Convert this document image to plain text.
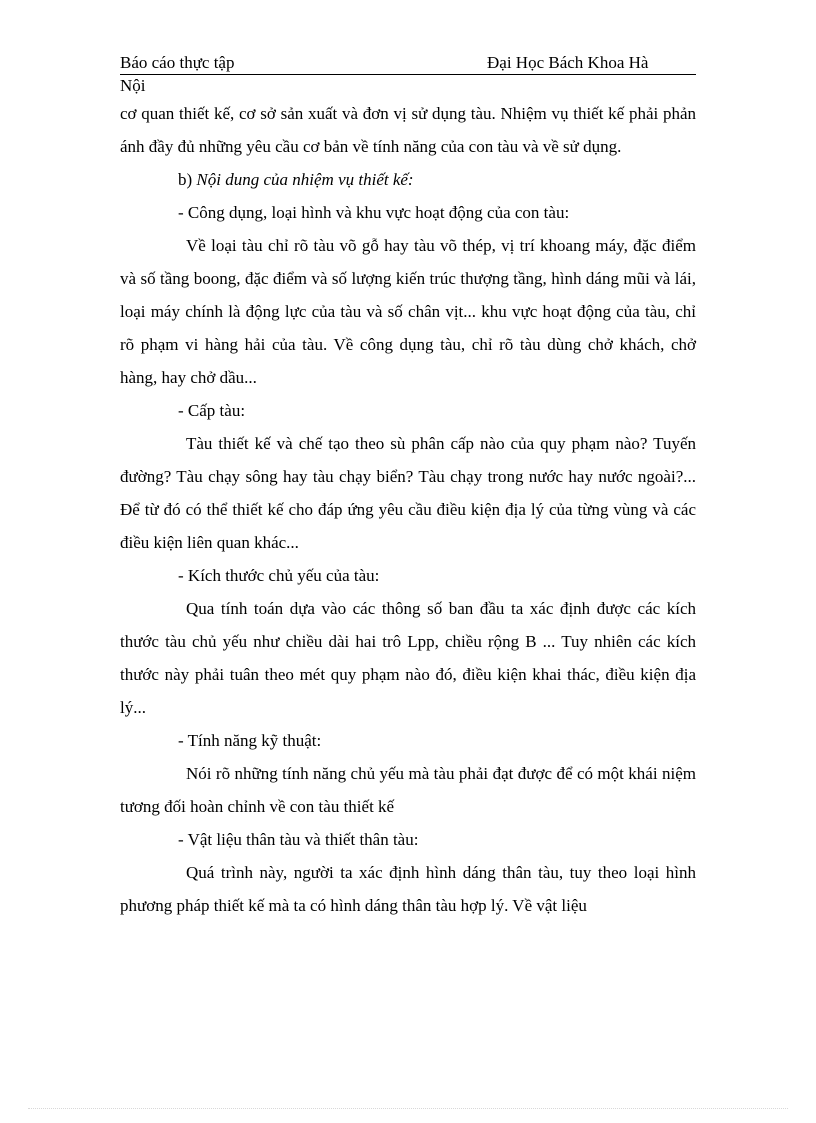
Báo cáo thực tập	Đại Học Bách Khoa Hà
Nội

cơ quan thiết kế, cơ sở sản xuất và đơn vị sử dụng tàu. Nhiệm vụ thiết kế phải phản ánh đầy đủ những yêu cầu cơ bản về tính năng của con tàu và về sử dụng.

b) Nội dung của nhiệm vụ thiết kế:

- Công dụng, loại hình và khu vực hoạt động của con tàu:

Về loại tàu chỉ rõ tàu võ gỗ hay tàu võ thép, vị trí khoang máy, đặc điểm và số tầng boong, đặc điểm và số lượng kiến trúc thượng tầng, hình dáng mũi và lái, loại máy chính là động lực của tàu và số chân vịt... khu vực hoạt động của tàu, chỉ rõ phạm vi hàng hải của tàu. Về công dụng tàu, chỉ rõ tàu dùng chở khách, chở hàng, hay chở dầu...

- Cấp tàu:

Tàu thiết kế và chế tạo theo sù phân cấp nào của quy phạm nào? Tuyến đường? Tàu chạy sông hay tàu chạy biển? Tàu chạy trong nước hay nước ngoài?... Để từ đó có thể thiết kế cho đáp ứng yêu cầu điều kiện địa lý của từng vùng và các điều kiện liên quan khác...

- Kích thước chủ yếu của tàu:

Qua tính toán dựa vào các thông số ban đầu ta xác định được các kích thước tàu chủ yếu như chiều dài hai trô Lpp, chiều rộng B ... Tuy nhiên các kích thước này phải tuân theo mét quy phạm nào đó, điều kiện khai thác, điều kiện địa lý...

- Tính năng kỹ thuật:

Nói rõ những tính năng chủ yếu mà tàu phải đạt được để có một khái niệm tương đối hoàn chỉnh về con tàu thiết kế

- Vật liệu thân tàu và thiết thân tàu:

Quá trình này, người ta xác định hình dáng thân tàu, tuy theo loại hình phương pháp thiết kế mà ta có hình dáng thân tàu hợp lý. Về vật liệu
